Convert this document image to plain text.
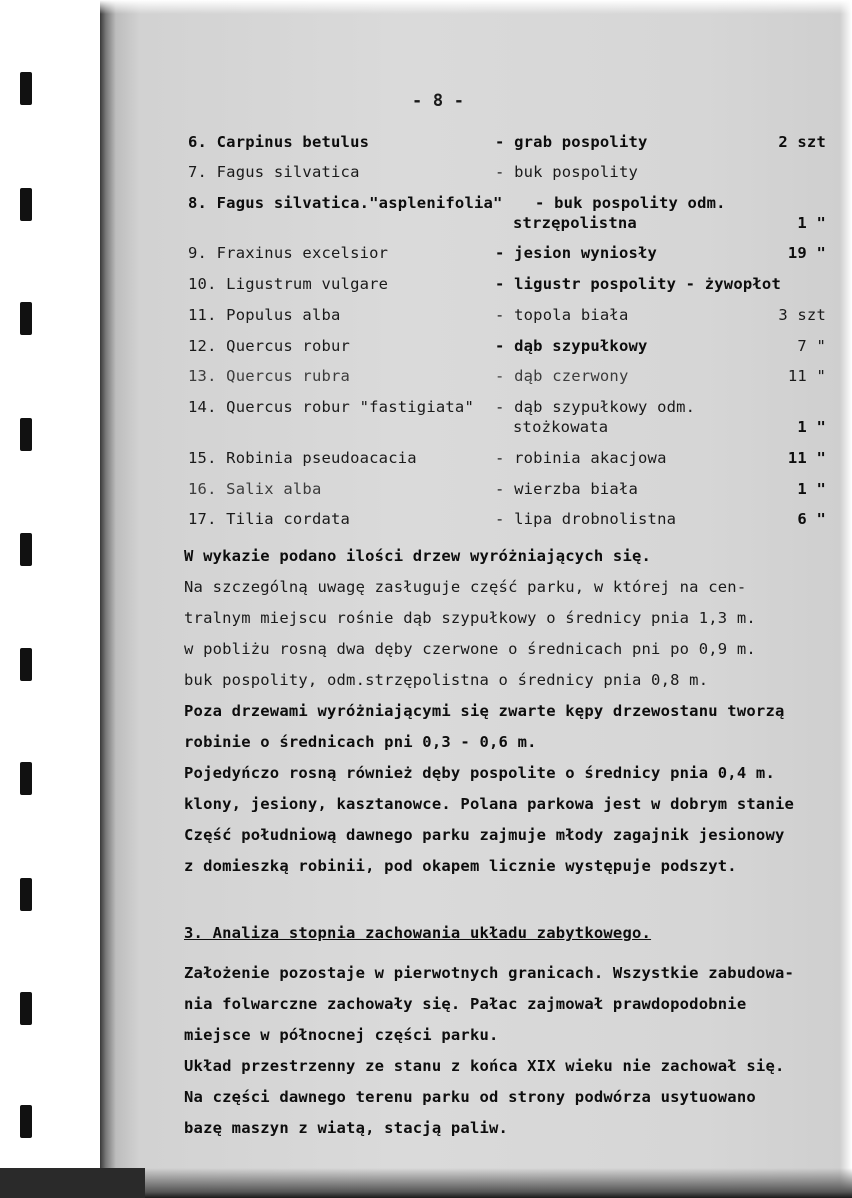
- 8 -
6. Carpinus betulus	- grab pospolity	2 szt
7. Fagus silvatica	- buk pospolity
8. Fagus silvatica."asplenifolia" - buk pospolity odm.
strzępolistna	1 "
9. Fraxinus excelsior	- jesion wyniosły	19 "
10. Ligustrum vulgare	- ligustr pospolity - żywopłot
11. Populus alba	- topola biała	3 szt
12. Quercus robur	- dąb szypułkowy	7 "
13. Quercus rubra	- dąb czerwony	11 "
14. Quercus robur "fastigiata" - dąb szypułkowy odm.
stożkowata	1 "
15. Robinia pseudoacacia	- robinia akacjowa	11 "
16. Salix alba	- wierzba biała	1 "
17. Tilia cordata	- lipa drobnolistna	6 "
W wykazie podano ilości drzew wyróżniających się.
Na szczególną uwagę zasługuje część parku, w której na cen-
tralnym miejscu rośnie dąb szypułkowy o średnicy pnia 1,3 m.
w pobliżu rosną dwa dęby czerwone o średnicach pni po 0,9 m.
buk pospolity, odm.strzępolistna o średnicy pnia 0,8 m.
Poza drzewami wyróżniającymi się zwarte kępy drzewostanu tworzą
robinie o średnicach pni 0,3 - 0,6 m.
Pojedyńczo rosną również dęby pospolite o średnicy pnia 0,4 m.
klony, jesiony, kasztanowce. Polana parkowa jest w dobrym stanie
Część południową dawnego parku zajmuje młody zagajnik jesionowy
z domieszką robinii, pod okapem licznie występuje podszyt.
3. Analiza stopnia zachowania układu zabytkowego.
Założenie pozostaje w pierwotnych granicach. Wszystkie zabudowa-
nia folwarczne zachowały się. Pałac zajmował prawdopodobnie
miejsce w północnej części parku.
Układ przestrzenny ze stanu z końca XIX wieku nie zachował się.
Na części dawnego terenu parku od strony podwórza usytuowano
bazę maszyn z wiatą, stacją paliw.
